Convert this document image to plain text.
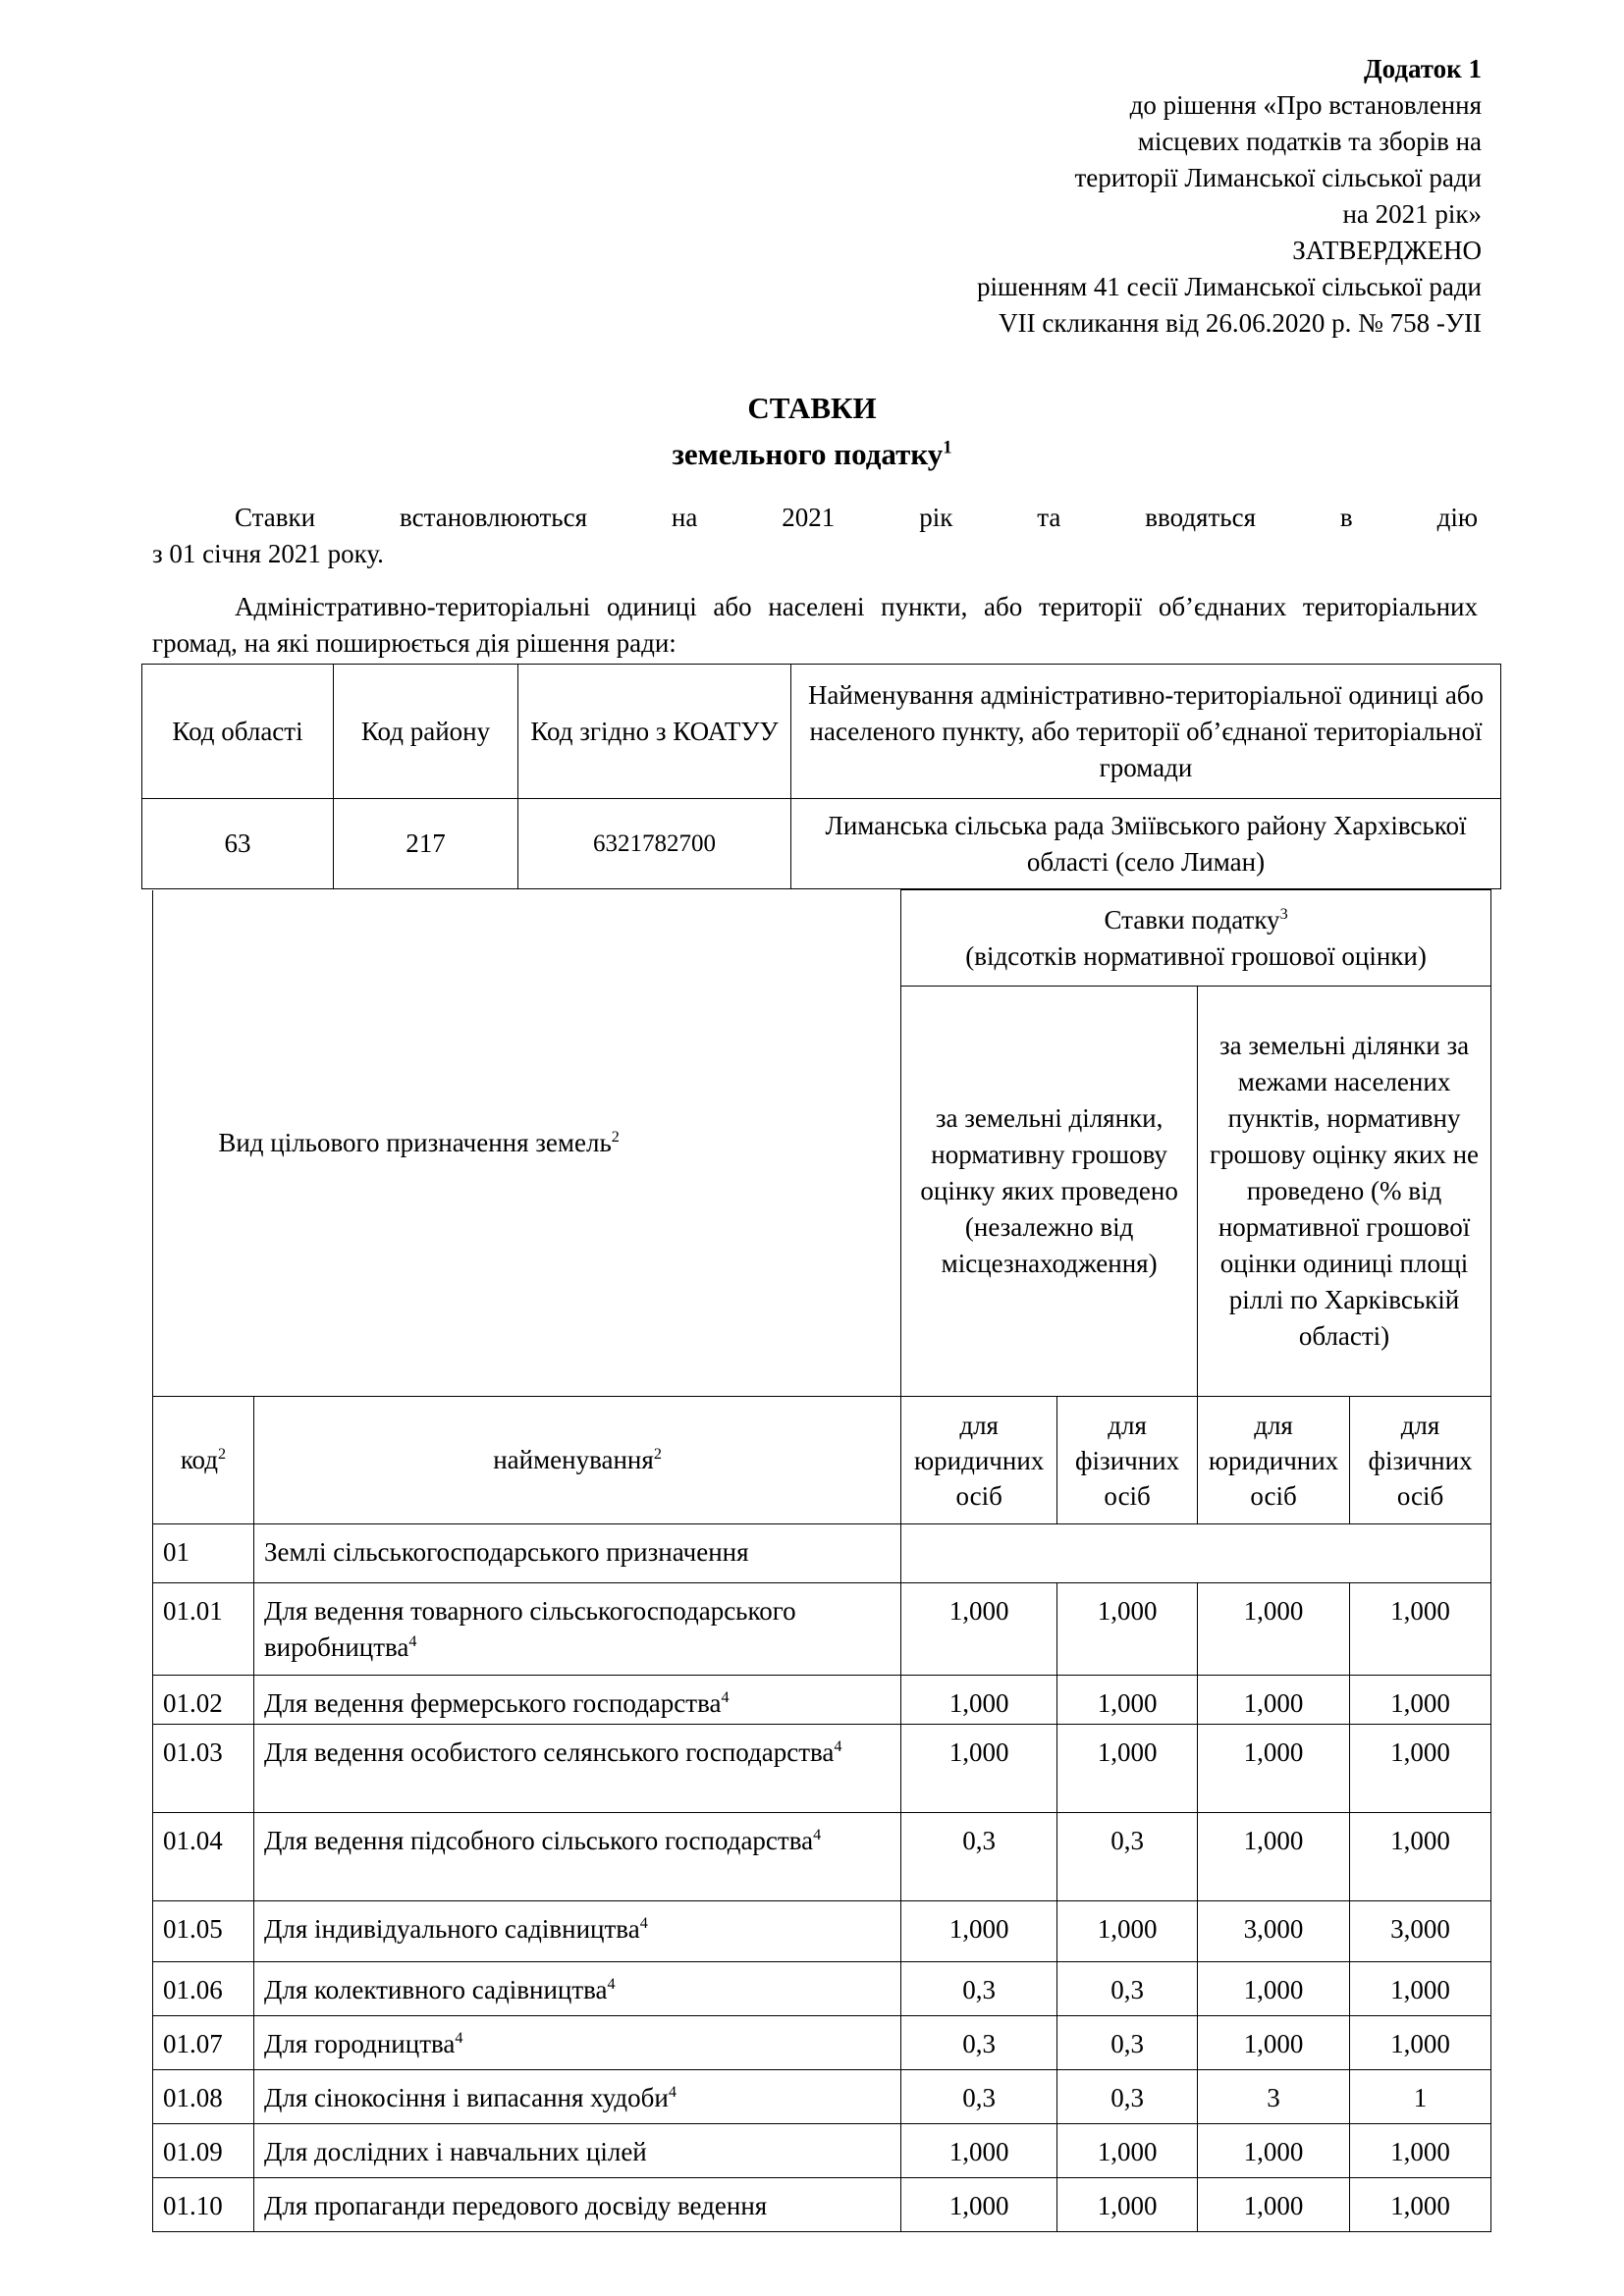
Додаток 1
до рішення «Про встановлення
місцевих податків та зборів на
території Лиманської сільської ради
на 2021 рік»
ЗАТВЕРДЖЕНО
рішенням 41 сесії Лиманської сільської ради
VII скликання від 26.06.2020 р. № 758 -УІІ
СТАВКИ
земельного податку$^1$
Ставки встановлюються на 2021 рік та вводяться в дію
з 01 січня 2021 року.
Адміністративно-територіальні одиниці або населені пункти, або території об’єднаних територіальних громад, на які поширюється дія рішення ради:
Код області	Код району	Код згідно з КОАТУУ	Найменування адміністративно-територіальної одиниці або населеного пункту, або території об’єднаної територіальної громади
63	217	6321782700	Лиманська сільська рада Зміївського району Хархівської області (село Лиман)
Вид цільового призначення земель$^2$		Ставки податку$^3$
(відсотків нормативної грошової оцінки)			

		за земельні ділянки, нормативну грошову оцінку яких проведено (незалежно від місцезнаходження)		за земельні ділянки за межами населених пунктів, нормативну грошову оцінку яких не проведено (% від нормативної грошової оцінки одиниці площі ріллі по Харківській області)	
код$^2$	найменування$^2$	для юридичних осіб	для фізичних осіб	для юридичних осіб	для фізичних осіб
01	Землі сільськогосподарського призначення				
01.01	Для ведення товарного сільськогосподарського виробництва$^4$	1,000	1,000	1,000	1,000
01.02	Для ведення фермерського господарства$^4$	1,000	1,000	1,000	1,000
01.03	Для ведення особистого селянського господарства$^4$	1,000	1,000	1,000	1,000
01.04	Для ведення підсобного сільського господарства$^4$	0,3	0,3	1,000	1,000
01.05	Для індивідуального садівництва$^4$	1,000	1,000	3,000	3,000
01.06	Для колективного садівництва$^4$	0,3	0,3	1,000	1,000
01.07	Для городництва$^4$	0,3	0,3	1,000	1,000
01.08	Для сінокосіння і випасання худоби$^4$	0,3	0,3	3	1
01.09	Для дослідних і навчальних цілей	1,000	1,000	1,000	1,000
01.10	Для пропаганди передового досвіду ведення	1,000	1,000	1,000	1,000
